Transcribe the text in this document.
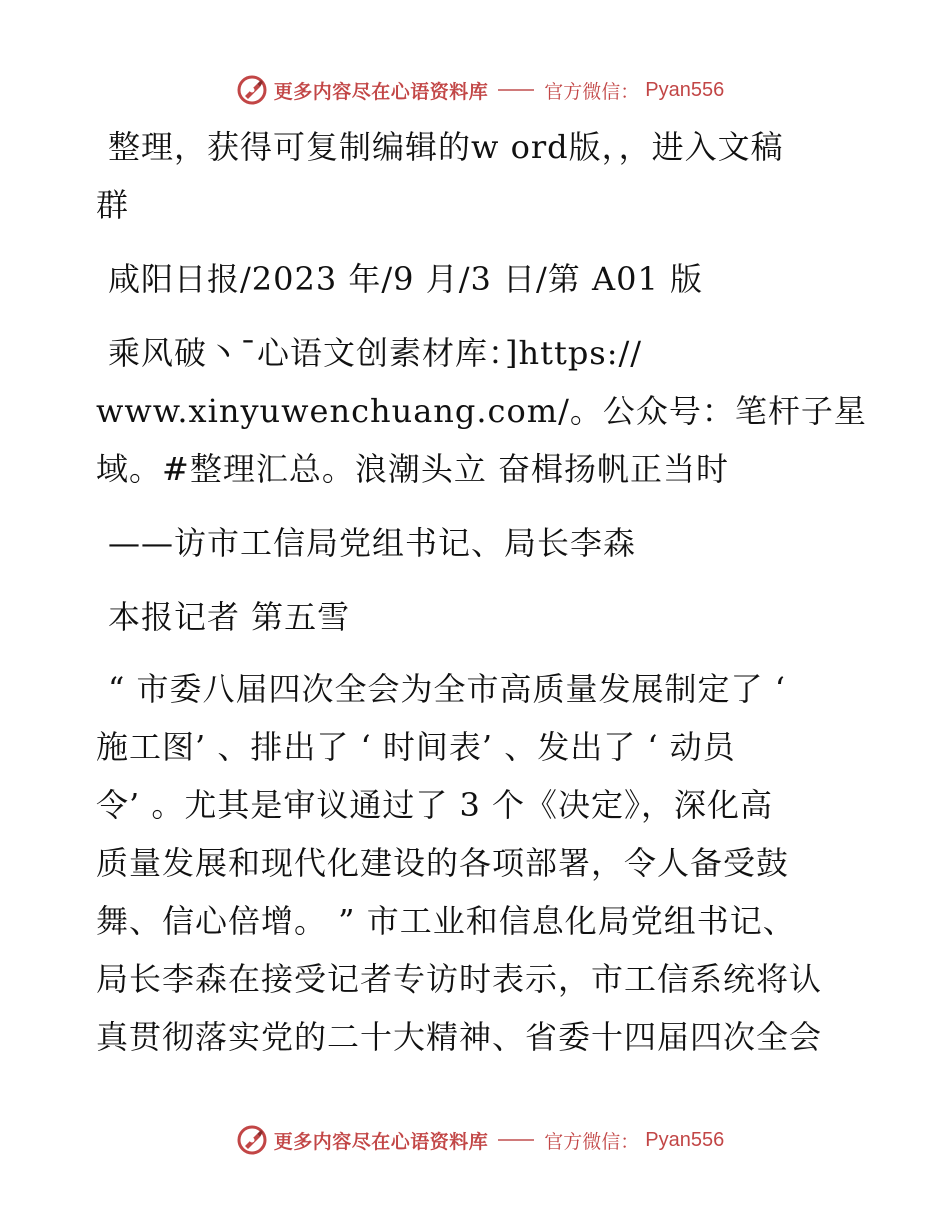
更多内容尽在心语资料库	官方微信： Pyan556
整理，获得可复制编辑的w ord版，，进入文稿
群
咸阳日报/2023 年/9 月/3 日/第 A01 版
乘风破丶¯心语文创素材库：]https://
www.xinyuwenchuang.com/。公众号：笔杆子星
域。#整理汇总。浪潮头立 奋楫扬帆正当时
——访市工信局党组书记、局长李森
本报记者 第五雪
“ 市委八届四次全会为全市高质量发展制定了 ‘
施工图’ 、排出了 ‘ 时间表’ 、发出了 ‘ 动员
令’ 。尤其是审议通过了 3 个《决定》，深化高
质量发展和现代化建设的各项部署，令人备受鼓
舞、信心倍增。 ” 市工业和信息化局党组书记、
局长李森在接受记者专访时表示，市工信系统将认
真贯彻落实党的二十大精神、省委十四届四次全会
更多内容尽在心语资料库	官方微信： Pyan556
